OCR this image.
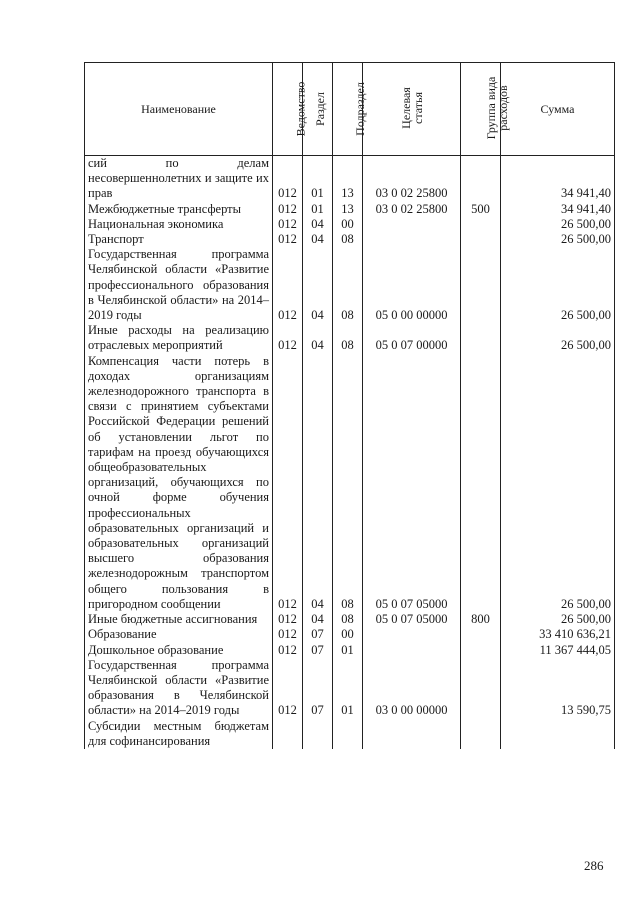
Наименование	Ведомство	Раздел	Подраздел	Целевая статья	Группа вида расходов	Сумма
сий по делам несовершеннолетних и защите их прав	012	01	13	03 0 02 25800		34 941,40
Межбюджетные трансферты	012	01	13	03 0 02 25800	500	34 941,40
Национальная экономика	012	04	00			26 500,00
Транспорт	012	04	08			26 500,00
Государственная программа Челябинской области «Развитие профессионального образования в Челябинской области» на 2014–2019 годы	012	04	08	05 0 00 00000		26 500,00
Иные расходы на реализацию отраслевых мероприятий	012	04	08	05 0 07 00000		26 500,00
Компенсация части потерь в доходах организациям железнодорожного транспорта в связи с принятием субъектами Российской Федерации решений об установлении льгот по тарифам на проезд обучающихся общеобразовательных организаций, обучающихся по очной форме обучения профессиональных образовательных организаций и образовательных организаций высшего образования железнодорожным транспортом общего пользования в пригородном сообщении	012	04	08	05 0 07 05000		26 500,00
Иные бюджетные ассигнования	012	04	08	05 0 07 05000	800	26 500,00
Образование	012	07	00			33 410 636,21
Дошкольное образование	012	07	01			11 367 444,05
Государственная программа Челябинской области «Развитие образования в Челябинской области» на 2014–2019 годы	012	07	01	03 0 00 00000		13 590,75
Субсидии местным бюджетам для софинансирования						
286
